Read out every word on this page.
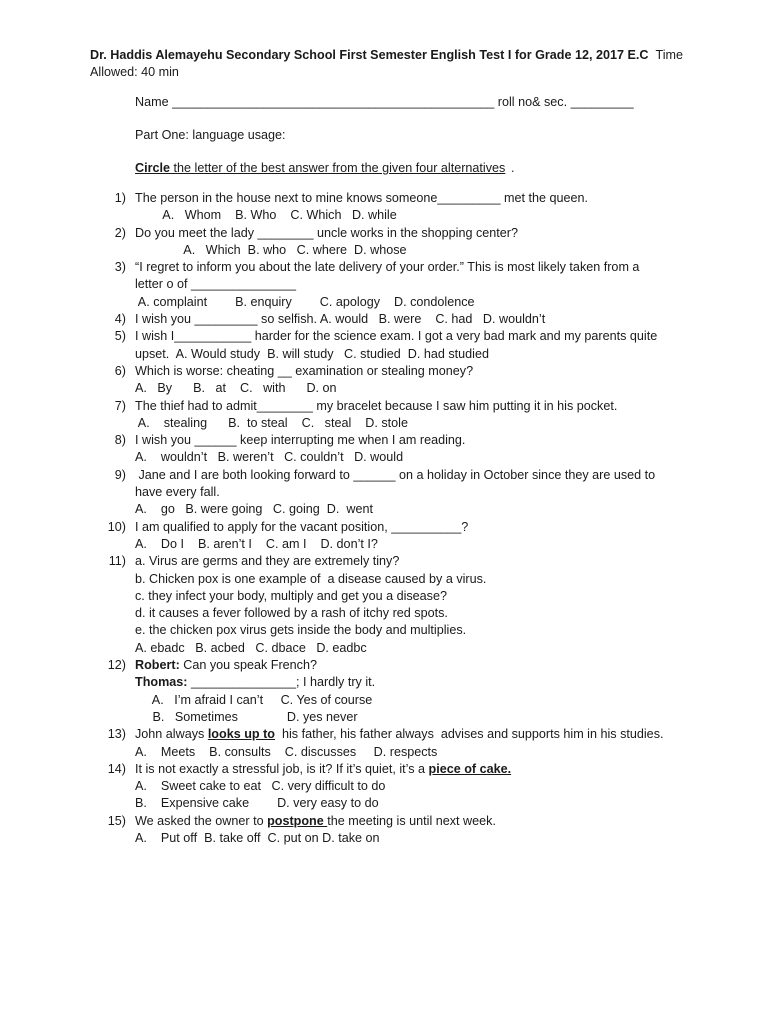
Dr. Haddis Alemayehu Secondary School First Semester English Test I for Grade 12, 2017 E.C Time
Allowed: 40 min
Name ______________________________________________ roll no& sec. _________
Part One: language usage:
Circle the letter of the best answer from the given four alternatives .
1) The person in the house next to mine knows someone_________ met the queen.
A.   Whom    B. Who    C. Which   D. while
2) Do you meet the lady ________ uncle works in the shopping center?
A.   Which  B. who   C. where  D. whose
3) “I regret to inform you about the late delivery of your order.” This is most likely taken from a
letter o of _______________
A. complaint        B. enquiry        C. apology    D. condolence
4) I wish you _________ so selfish. A. would   B. were    C. had   D. wouldn’t
5) I wish I___________ harder for the science exam. I got a very bad mark and my parents quite
upset.  A. Would study  B. will study   C. studied  D. had studied
6) Which is worse: cheating __ examination or stealing money?
A.   By      B.   at    C.   with      D. on
7) The thief had to admit________ my bracelet because I saw him putting it in his pocket.
A.    stealing      B.  to steal    C.   steal    D. stole
8) I wish you ______ keep interrupting me when I am reading.
A.    wouldn’t   B. weren’t   C. couldn’t   D. would
9) Jane and I are both looking forward to ______ on a holiday in October since they are used to
have every fall.
A.    go   B. were going   C. going  D.  went
10) I am qualified to apply for the vacant position, __________?
A.    Do I    B. aren’t I    C. am I    D. don’t I?
11) a. Virus are germs and they are extremely tiny?
b. Chicken pox is one example of  a disease caused by a virus.
c. they infect your body, multiply and get you a disease?
d. it causes a fever followed by a rash of itchy red spots.
e. the chicken pox virus gets inside the body and multiplies.
A. ebadc   B. acbed   C. dbace   D. eadbc
12) Robert: Can you speak French?
Thomas: _______________; I hardly try it.
A.   I’m afraid I can’t     C. Yes of course
B.   Sometimes              D. yes never
13) John always looks up to  his father, his father always  advises and supports him in his studies.
A.    Meets    B. consults    C. discusses     D. respects
14) It is not exactly a stressful job, is it? If it’s quiet, it’s a piece of cake.
A.    Sweet cake to eat   C. very difficult to do
B.    Expensive cake        D. very easy to do
15) We asked the owner to postpone the meeting is until next week.
A.    Put off  B. take off  C. put on D. take on
